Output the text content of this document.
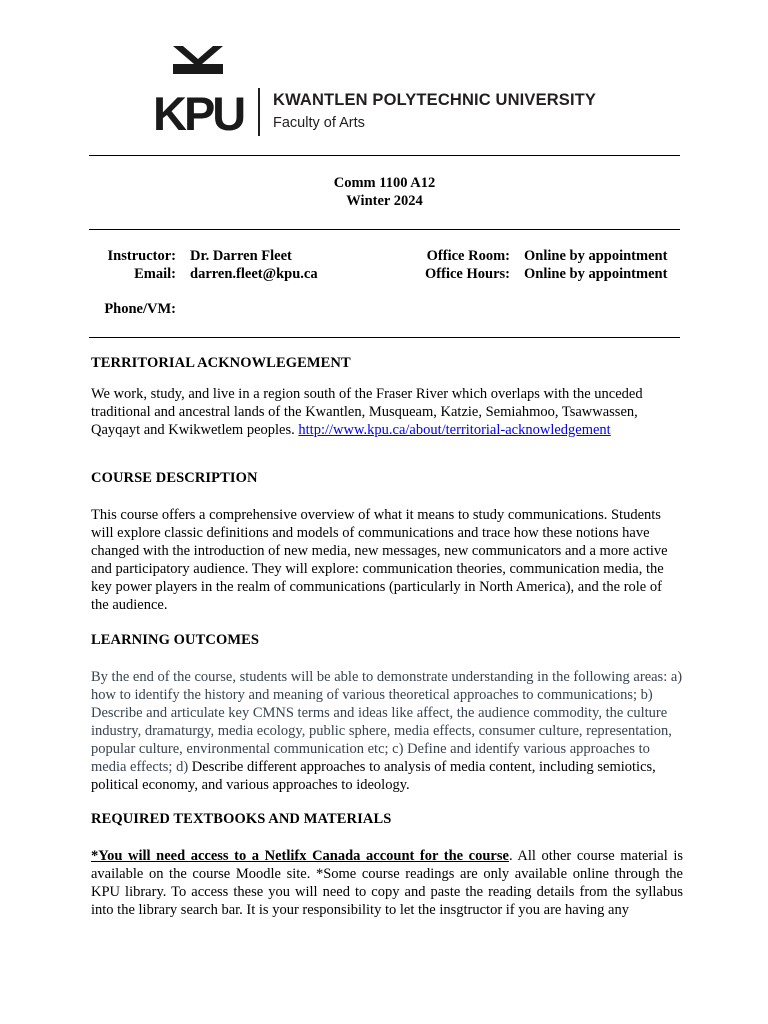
KPU KWANTLEN POLYTECHNIC UNIVERSITY
Faculty of Arts
Comm 1100 A12
Winter 2024
Instructor: Dr. Darren Fleet
Email: darren.fleet@kpu.ca
Phone/VM:
Office Room: Online by appointment
Office Hours: Online by appointment
TERRITORIAL ACKNOWLEGEMENT

We work, study, and live in a region south of the Fraser River which overlaps with the unceded traditional and ancestral lands of the Kwantlen, Musqueam, Katzie, Semiahmoo, Tsawwassen, Qayqayt and Kwikwetlem peoples. http://www.kpu.ca/about/territorial-acknowledgement

COURSE DESCRIPTION

This course offers a comprehensive overview of what it means to study communications. Students will explore classic definitions and models of communications and trace how these notions have changed with the introduction of new media, new messages, new communicators and a more active and participatory audience. They will explore: communication theories, communication media, the key power players in the realm of communications (particularly in North America), and the role of the audience.

LEARNING OUTCOMES

By the end of the course, students will be able to demonstrate understanding in the following areas: a) how to identify the history and meaning of various theoretical approaches to communications; b) Describe and articulate key CMNS terms and ideas like affect, the audience commodity, the culture industry, dramaturgy, media ecology, public sphere, media effects, consumer culture, representation, popular culture, environmental communication etc; c) Define and identify various approaches to media effects; d) Describe different approaches to analysis of media content, including semiotics, political economy, and various approaches to ideology.

REQUIRED TEXTBOOKS AND MATERIALS

*You will need access to a Netlifx Canada account for the course. All other course material is available on the course Moodle site. *Some course readings are only available online through the KPU library. To access these you will need to copy and paste the reading details from the syllabus into the library search bar. It is your responsibility to let the insgtructor if you are having any
